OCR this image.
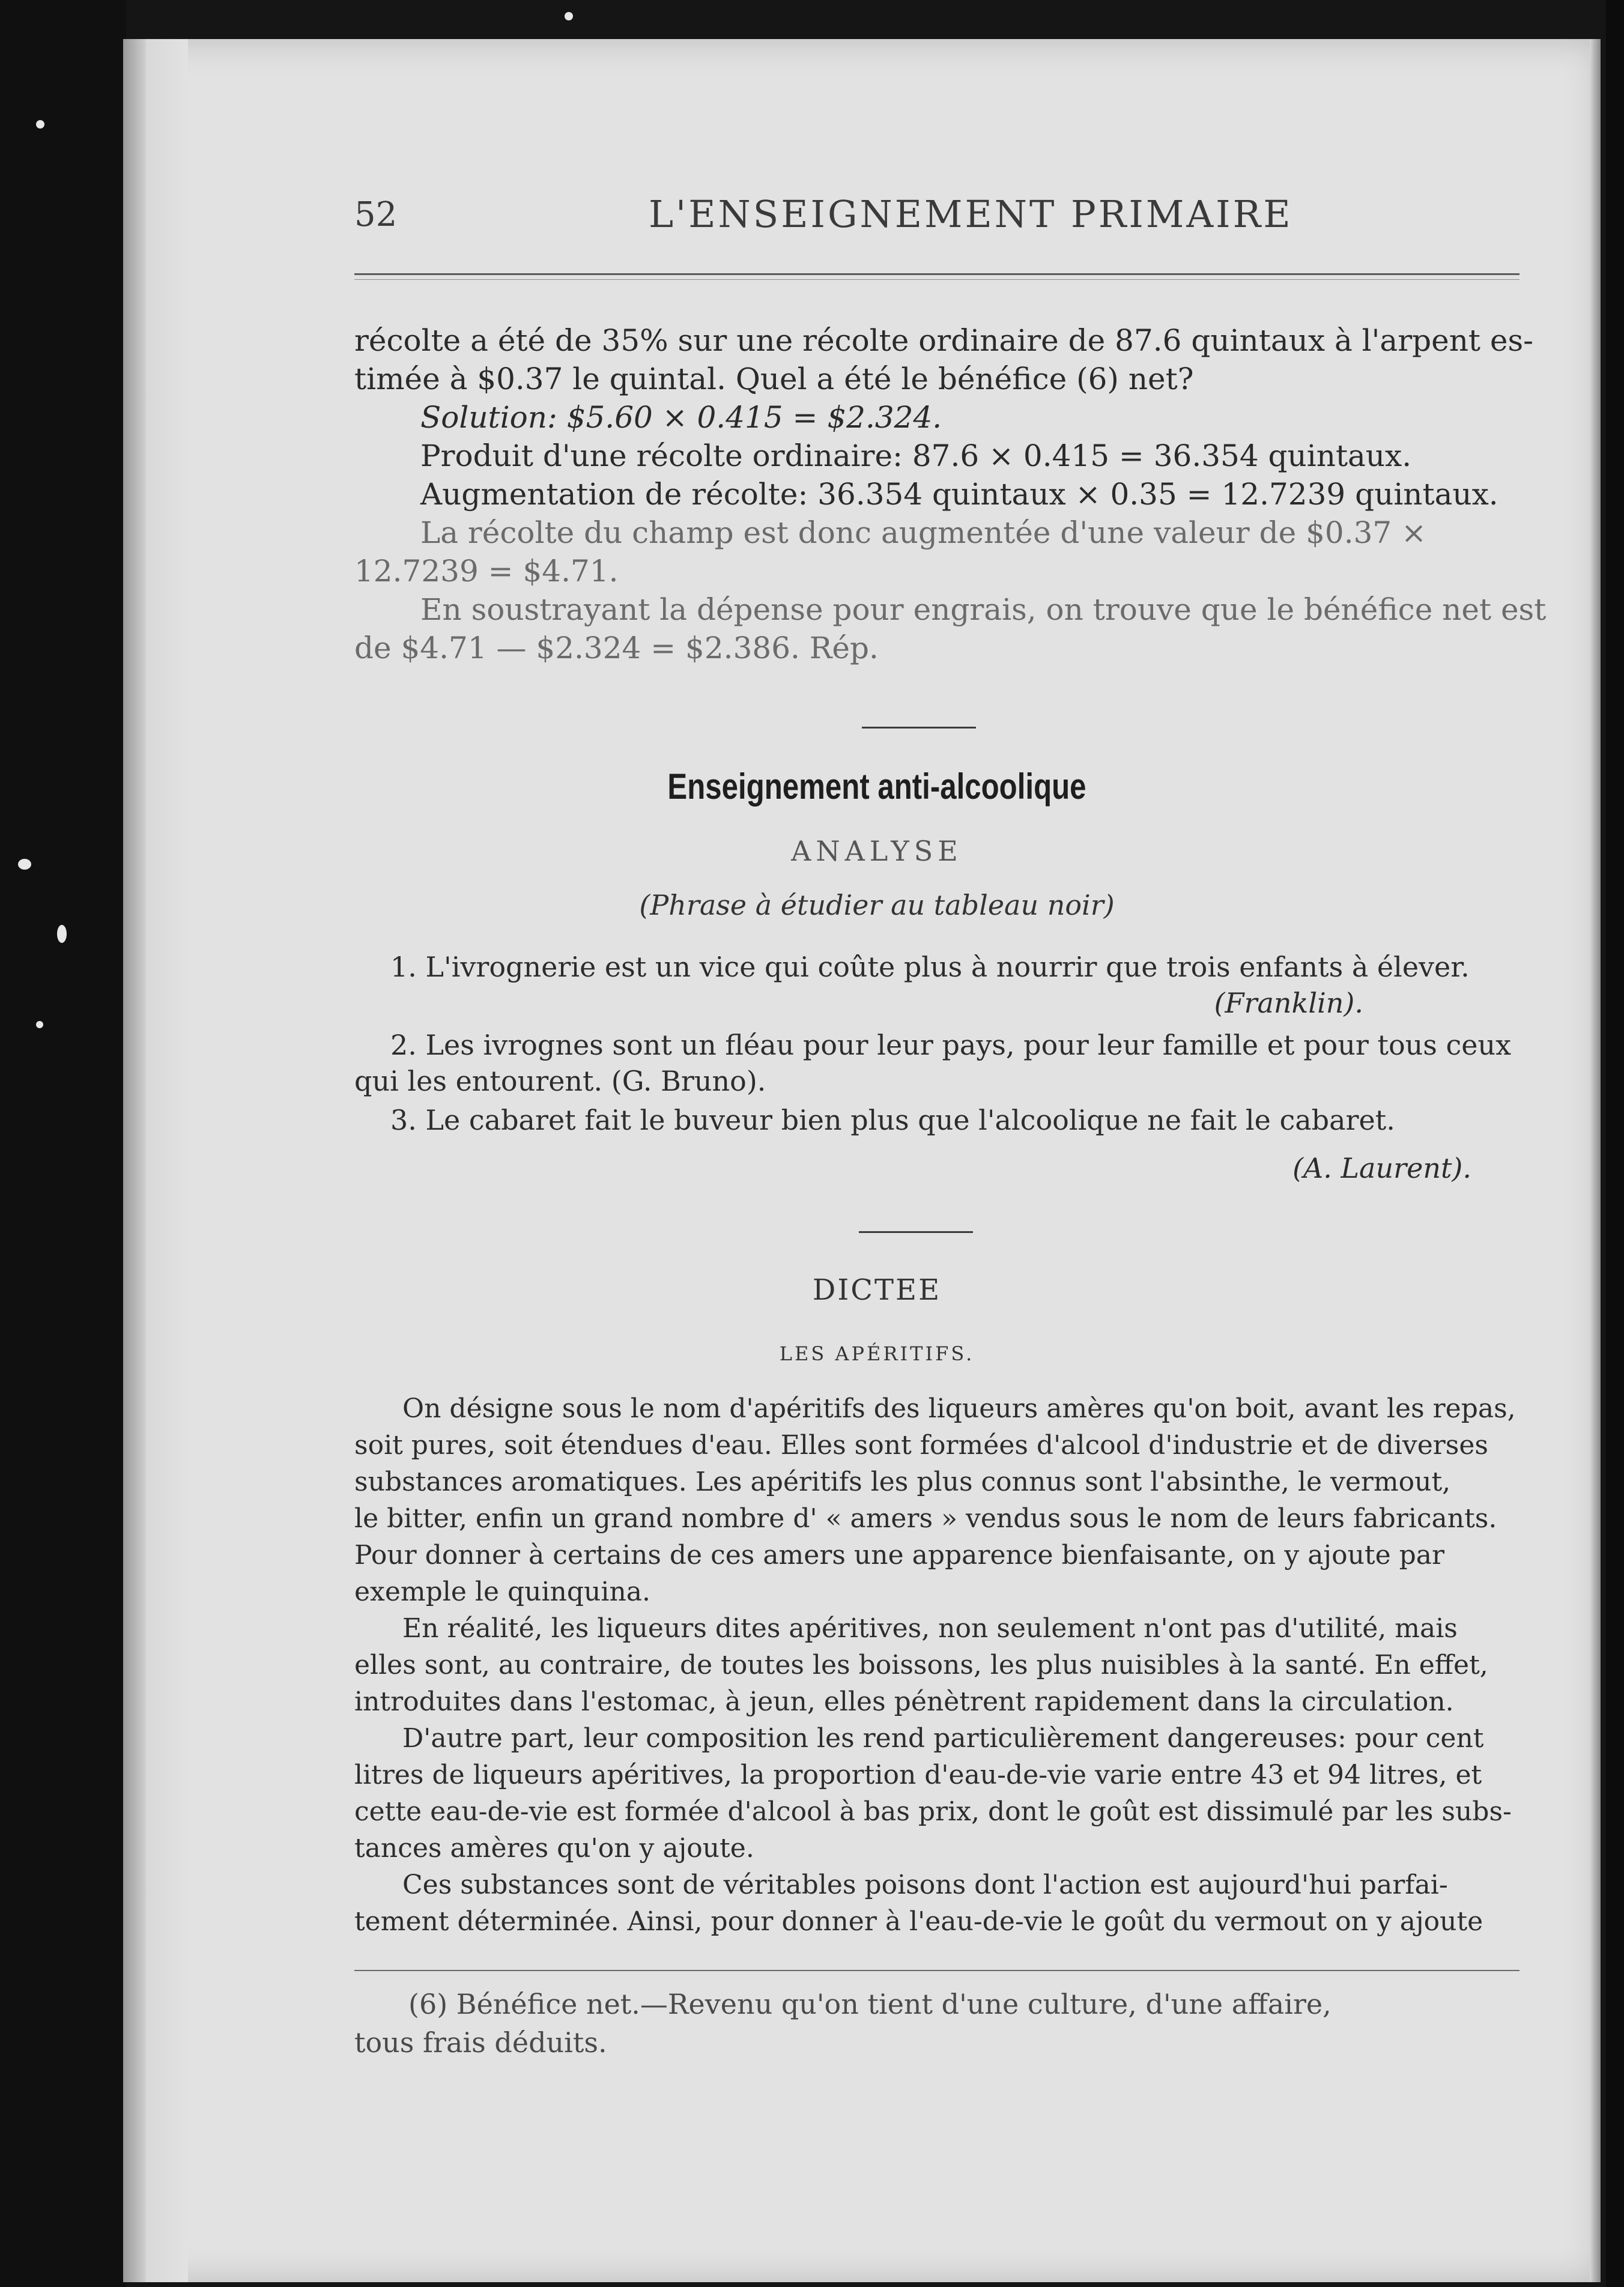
52	L'ENSEIGNEMENT PRIMAIRE
récolte a été de 35% sur une récolte ordinaire de 87.6 quintaux à l'arpent es-
timée à $0.37 le quintal. Quel a été le bénéfice (6) net?
Solution: $5.60 × 0.415 = $2.324.
Produit d'une récolte ordinaire: 87.6 × 0.415 = 36.354 quintaux.
Augmentation de récolte: 36.354 quintaux × 0.35 = 12.7239 quintaux.
La récolte du champ est donc augmentée d'une valeur de $0.37 ×
12.7239 = $4.71.
En soustrayant la dépense pour engrais, on trouve que le bénéfice net est
de $4.71 — $2.324 = $2.386. Rép.
Enseignement anti-alcoolique
ANALYSE
(Phrase à étudier au tableau noir)
1. L'ivrognerie est un vice qui coûte plus à nourrir que trois enfants à élever.
(Franklin).
2. Les ivrognes sont un fléau pour leur pays, pour leur famille et pour tous ceux
qui les entourent. (G. Bruno).
3. Le cabaret fait le buveur bien plus que l'alcoolique ne fait le cabaret.
(A. Laurent).
DICTEE
LES APÉRITIFS.
On désigne sous le nom d'apéritifs des liqueurs amères qu'on boit, avant les repas,
soit pures, soit étendues d'eau. Elles sont formées d'alcool d'industrie et de diverses
substances aromatiques. Les apéritifs les plus connus sont l'absinthe, le vermout,
le bitter, enfin un grand nombre d' « amers » vendus sous le nom de leurs fabricants.
Pour donner à certains de ces amers une apparence bienfaisante, on y ajoute par
exemple le quinquina.
En réalité, les liqueurs dites apéritives, non seulement n'ont pas d'utilité, mais
elles sont, au contraire, de toutes les boissons, les plus nuisibles à la santé. En effet,
introduites dans l'estomac, à jeun, elles pénètrent rapidement dans la circulation.
D'autre part, leur composition les rend particulièrement dangereuses: pour cent
litres de liqueurs apéritives, la proportion d'eau-de-vie varie entre 43 et 94 litres, et
cette eau-de-vie est formée d'alcool à bas prix, dont le goût est dissimulé par les subs-
tances amères qu'on y ajoute.
Ces substances sont de véritables poisons dont l'action est aujourd'hui parfai-
tement déterminée. Ainsi, pour donner à l'eau-de-vie le goût du vermout on y ajoute
(6) Bénéfice net.—Revenu qu'on tient d'une culture, d'une affaire,
tous frais déduits.
